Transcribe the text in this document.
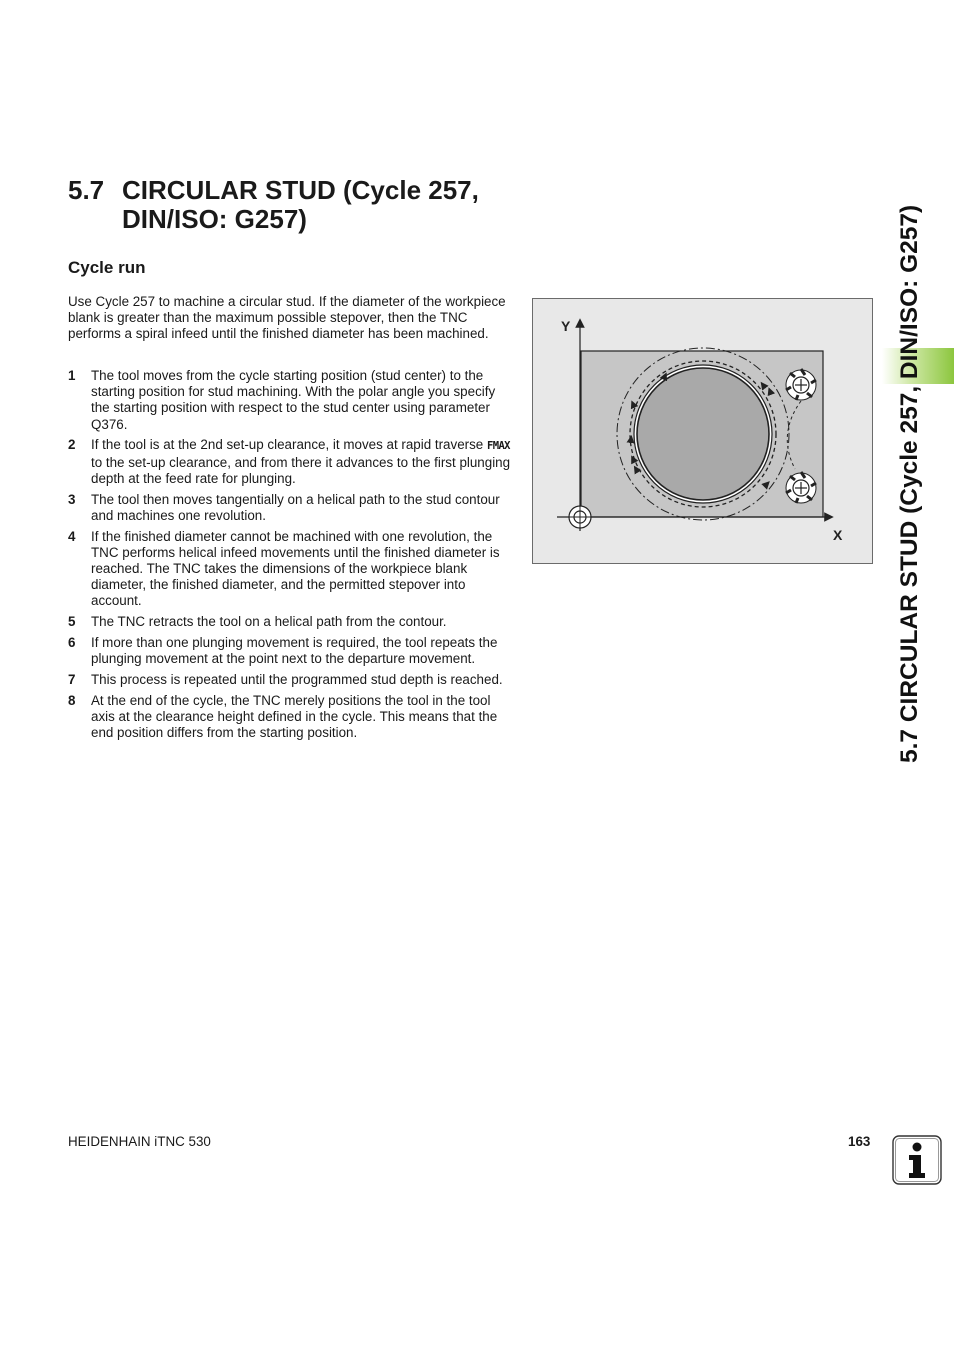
5.7 CIRCULAR STUD (Cycle 257,
DIN/ISO: G257)
Cycle run

Use Cycle 257 to machine a circular stud. If the diameter of the workpiece blank is greater than the maximum possible stepover, then the TNC performs a spiral infeed until the finished diameter has been machined.

1	The tool moves from the cycle starting position (stud center) to the starting position for stud machining. With the polar angle you specify the starting position with respect to the stud center using parameter Q376.
2	If the tool is at the 2nd set-up clearance, it moves at rapid traverse FMAX to the set-up clearance, and from there it advances to the first plunging depth at the feed rate for plunging.
3	The tool then moves tangentially on a helical path to the stud contour and machines one revolution.
4	If the finished diameter cannot be machined with one revolution, the TNC performs helical infeed movements until the finished diameter is reached. The TNC takes the dimensions of the workpiece blank diameter, the finished diameter, and the permitted stepover into account.
5	The TNC retracts the tool on a helical path from the contour.
6	If more than one plunging movement is required, the tool repeats the plunging movement at the point next to the departure movement.
7	This process is repeated until the programmed stud depth is reached.
8	At the end of the cycle, the TNC merely positions the tool in the tool axis at the clearance height defined in the cycle. This means that the end position differs from the starting position.
Y
X 5.7 CIRCULAR STUD (Cycle 257, DIN/ISO: G257)
HEIDENHAIN iTNC 530	163
